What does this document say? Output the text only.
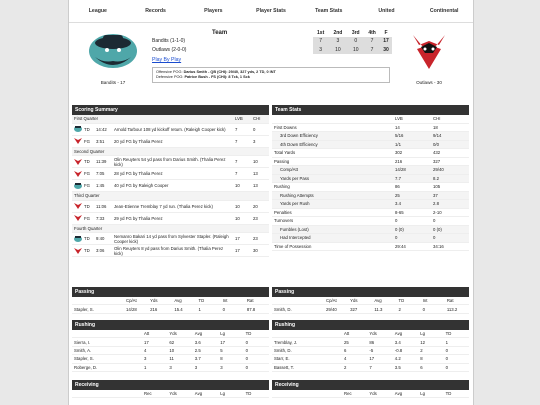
League	Records	Players	Player Stats	Team Stats	United	Continental
Bandits - 17
Team	1st	2nd	3rd	4th	F
Bandits (1-1-0)	7	3	0	7	17
Outlaws (2-0-0)	3	10	10	7	30
Play By Play
Offensive POG: Darius Smith - QB (CHI): 29/40, 327 yds, 2 TD, 0 INT
Defensive POG: Patrice Bush - FS (CHI): 8 Tck, 1 Sck
Outlaws - 30
Scoring Summary
First Quarter	LVB	CHI
TD	14:42	Arnold Tarbour 108 yd kickoff return. (Raleigh Cooper kick)	7	0
FG	3:51	20 yd FG by Thalia Perez	7	3
Second Quarter
TD	11:39	Olin Reuyters 54 yd pass from Darius Smith. (Thalia Perez kick)	7	10
FG	7:05	28 yd FG by Thalia Perez	7	13
FG	1:45	40 yd FG by Raleigh Cooper	10	13
Third Quarter
TD	11:06	Jean-Etienne Tremblay 7 yd run. (Thalia Perez kick)	10	20
FG	7:33	29 yd FG by Thalia Perez	10	23
Fourth Quarter
TD	9:40	Nemanro Bakari 14 yd pass from Sylvester Stapler. (Raleigh Cooper kick)	17	23
TD	3:06	Olin Reuyters 8 yd pass from Darius Smith. (Thalia Perez kick)	17	30
Team Stats
LVB	CHI
First Downs	14	18
3rd Down Efficiency	5/16	9/14
4th Down Efficiency	1/1	0/0
Total Yards	302	432
Passing	216	327
Comp/Att	14/28	29/40
Yards per Pass	7.7	8.2
Rushing	86	105
Rushing Attempts	25	37
Yards per Rush	3.4	2.8
Penalties	8-65	2-10
Turnovers	0	0
Fumbles (Lost)	0 (0)	0 (0)
Had Intercepted	0	0
Time of Possession	29:44	34:16
Passing
Cp/At	Yds	Avg	TD	Int	Rat
Stapler, S.	14/28	216	15.4	1	0	87.8
Passing
Cp/At	Yds	Avg	TD	Int	Rat
Smith, D.	29/40	327	11.3	2	0	113.2
Rushing
Att	Yds	Avg	Lg	TD
Sierra, I.	17	62	3.6	17	0
Smith, A.	4	10	2.5	5	0
Stapler, S.	3	11	3.7	8	0
Roberge, D.	1	3	3	3	0
Rushing
Att	Yds	Avg	Lg	TD
Tremblay, J.	25	86	3.4	12	1
Smith, D.	6	-5	-0.8	2	0
Starr, E.	4	17	4.2	8	0
Bassett, T.	2	7	3.5	6	0
Receiving
Rec	Yds	Avg	Lg	TD
Receiving
Rec	Yds	Avg	Lg	TD
